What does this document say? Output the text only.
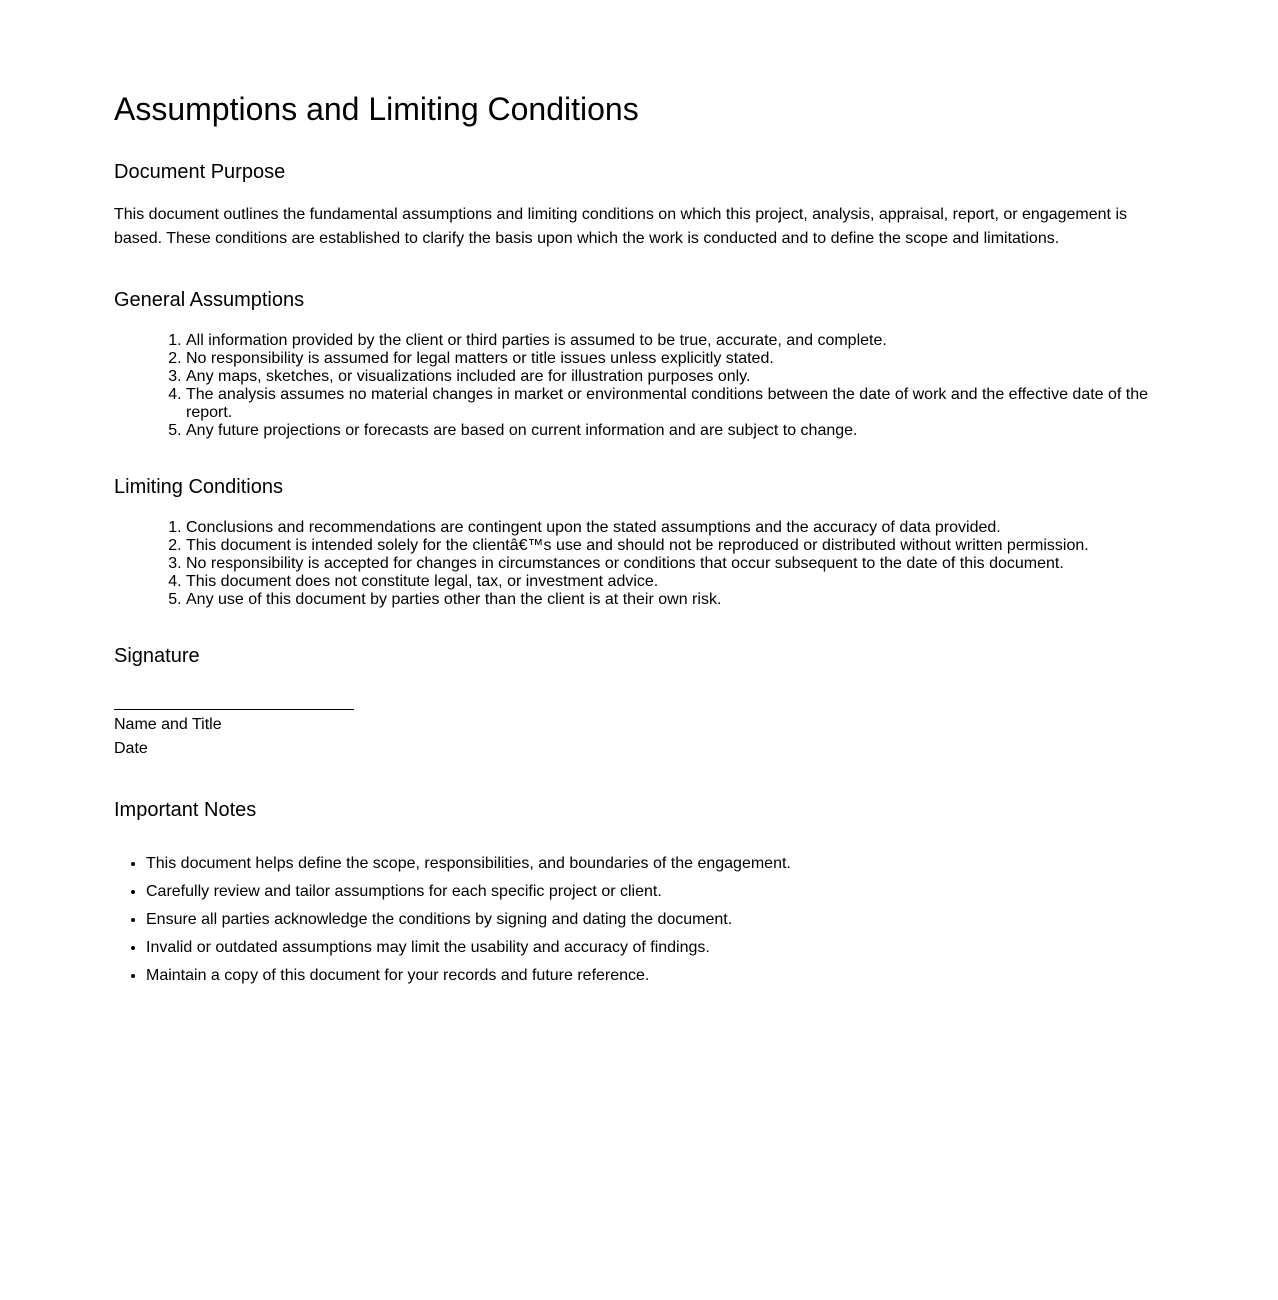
Assumptions and Limiting Conditions
Document Purpose

This document outlines the fundamental assumptions and limiting conditions on which this project, analysis, appraisal, report, or engagement is based. These conditions are established to clarify the basis upon which the work is conducted and to define the scope and limitations.

General Assumptions
1. All information provided by the client or third parties is assumed to be true, accurate, and complete.
2. No responsibility is assumed for legal matters or title issues unless explicitly stated.
3. Any maps, sketches, or visualizations included are for illustration purposes only.
4. The analysis assumes no material changes in market or environmental conditions between the date of work and the effective date of the report.
5. Any future projections or forecasts are based on current information and are subject to change.
Limiting Conditions
1. Conclusions and recommendations are contingent upon the stated assumptions and the accuracy of data provided.
2. This document is intended solely for the clientâ€™s use and should not be reproduced or distributed without written permission.
3. No responsibility is accepted for changes in circumstances or conditions that occur subsequent to the date of this document.
4. This document does not constitute legal, tax, or investment advice.
5. Any use of this document by parties other than the client is at their own risk.
Signature
Name and Title
Date
Important Notes
• This document helps define the scope, responsibilities, and boundaries of the engagement.
• Carefully review and tailor assumptions for each specific project or client.
• Ensure all parties acknowledge the conditions by signing and dating the document.
• Invalid or outdated assumptions may limit the usability and accuracy of findings.
• Maintain a copy of this document for your records and future reference.
